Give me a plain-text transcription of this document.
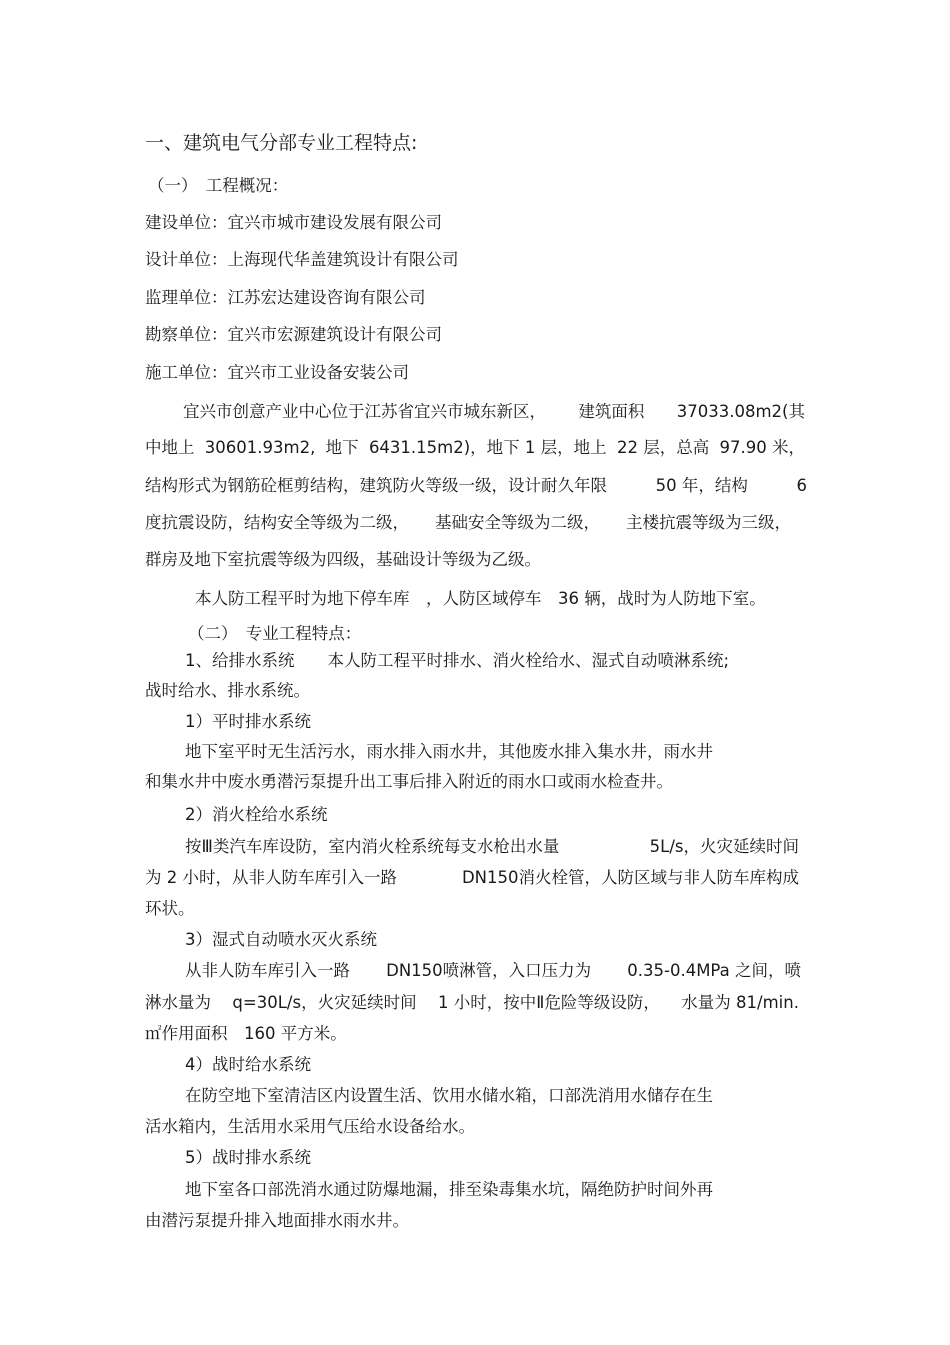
一、建筑电气分部专业工程特点:
（一）　工程概况：
建设单位：宜兴市城市建设发展有限公司
设计单位：上海现代华盖建筑设计有限公司
监理单位：江苏宏达建设咨询有限公司
勘察单位：宜兴市宏源建筑设计有限公司
施工单位：宜兴市工业设备安装公司
宜兴市创意产业中心位于江苏省宜兴市城东新区， 建筑面积 37033.08m2(其
中地上 30601.93m2, 地下 6431.15m2)，地下 1 层，地上 22 层，总高 97.90 米，
结构形式为钢筋砼框剪结构，建筑防火等级一级，设计耐久年限	50 年，结构	6
度抗震设防，结构安全等级为二级， 基础安全等级为二级， 主楼抗震等级为三级，
群房及地下室抗震等级为四级，基础设计等级为乙级。
本人防工程平时为地下停车库　，人防区域停车　36 辆，战时为人防地下室。
（二）　专业工程特点：
1、给排水系统　　本人防工程平时排水、消火栓给水、湿式自动喷淋系统;
战时给水、排水系统。
1）平时排水系统
地下室平时无生活污水，雨水排入雨水井，其他废水排入集水井，雨水井
和集水井中废水勇潜污泵提升出工事后排入附近的雨水口或雨水检查井。
2）消火栓给水系统
按Ⅲ类汽车库设防，室内消火栓系统每支水枪出水量	5L/s，火灾延续时间
为 2 小时，从非人防车库引入一路	DN150消火栓管，人防区域与非人防车库构成
环状。
3）湿式自动喷水灭火系统
从非人防车库引入一路 DN150喷淋管，入口压力为 0.35-0.4MPa 之间，喷
淋水量为 q=30L/s，火灾延续时间 1 小时，按中Ⅱ危险等级设防， 水量为 81/min.
㎡作用面积　160 平方米。
4）战时给水系统
在防空地下室清洁区内设置生活、饮用水储水箱，口部洗消用水储存在生
活水箱内，生活用水采用气压给水设备给水。
5）战时排水系统
地下室各口部洗消水通过防爆地漏，排至染毒集水坑，隔绝防护时间外再
由潜污泵提升排入地面排水雨水井。
